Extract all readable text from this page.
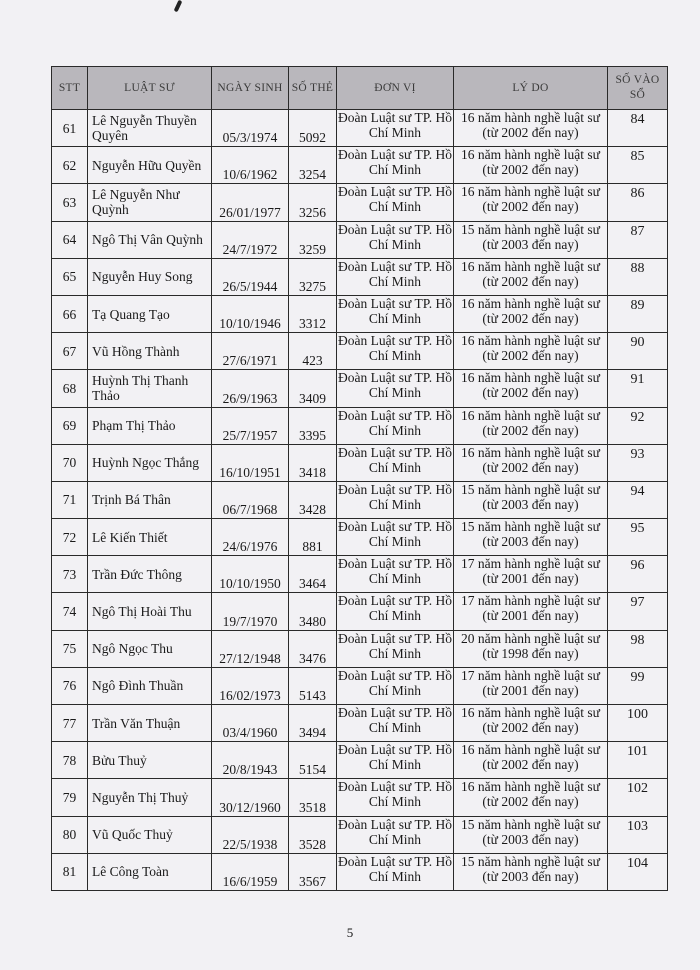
STT	LUẬT SƯ	NGÀY SINH	SỐ THẺ	ĐƠN VỊ	LÝ DO	SỐ VÀO SỔ
61	Lê Nguyễn Thuyền Quyên	05/3/1974	5092	Đoàn Luật sư TP. Hồ Chí Minh	16 năm hành nghề luật sư (từ 2002 đến nay)	84
62	Nguyễn Hữu Quyền	10/6/1962	3254	Đoàn Luật sư TP. Hồ Chí Minh	16 năm hành nghề luật sư (từ 2002 đến nay)	85
63	Lê Nguyễn Như Quỳnh	26/01/1977	3256	Đoàn Luật sư TP. Hồ Chí Minh	16 năm hành nghề luật sư (từ 2002 đến nay)	86
64	Ngô Thị Vân Quỳnh	24/7/1972	3259	Đoàn Luật sư TP. Hồ Chí Minh	15 năm hành nghề luật sư (từ 2003 đến nay)	87
65	Nguyễn Huy Song	26/5/1944	3275	Đoàn Luật sư TP. Hồ Chí Minh	16 năm hành nghề luật sư (từ 2002 đến nay)	88
66	Tạ Quang Tạo	10/10/1946	3312	Đoàn Luật sư TP. Hồ Chí Minh	16 năm hành nghề luật sư (từ 2002 đến nay)	89
67	Vũ Hồng Thành	27/6/1971	423	Đoàn Luật sư TP. Hồ Chí Minh	16 năm hành nghề luật sư (từ 2002 đến nay)	90
68	Huỳnh Thị Thanh Thảo	26/9/1963	3409	Đoàn Luật sư TP. Hồ Chí Minh	16 năm hành nghề luật sư (từ 2002 đến nay)	91
69	Phạm Thị Thảo	25/7/1957	3395	Đoàn Luật sư TP. Hồ Chí Minh	16 năm hành nghề luật sư (từ 2002 đến nay)	92
70	Huỳnh Ngọc Thắng	16/10/1951	3418	Đoàn Luật sư TP. Hồ Chí Minh	16 năm hành nghề luật sư (từ 2002 đến nay)	93
71	Trịnh Bá Thân	06/7/1968	3428	Đoàn Luật sư TP. Hồ Chí Minh	15 năm hành nghề luật sư (từ 2003 đến nay)	94
72	Lê Kiến Thiết	24/6/1976	881	Đoàn Luật sư TP. Hồ Chí Minh	15 năm hành nghề luật sư (từ 2003 đến nay)	95
73	Trần Đức Thông	10/10/1950	3464	Đoàn Luật sư TP. Hồ Chí Minh	17 năm hành nghề luật sư (từ 2001 đến nay)	96
74	Ngô Thị Hoài Thu	19/7/1970	3480	Đoàn Luật sư TP. Hồ Chí Minh	17 năm hành nghề luật sư (từ 2001 đến nay)	97
75	Ngô Ngọc Thu	27/12/1948	3476	Đoàn Luật sư TP. Hồ Chí Minh	20 năm hành nghề luật sư (từ 1998 đến nay)	98
76	Ngô Đình Thuần	16/02/1973	5143	Đoàn Luật sư TP. Hồ Chí Minh	17 năm hành nghề luật sư (từ 2001 đến nay)	99
77	Trần Văn Thuận	03/4/1960	3494	Đoàn Luật sư TP. Hồ Chí Minh	16 năm hành nghề luật sư (từ 2002 đến nay)	100
78	Bửu Thuỷ	20/8/1943	5154	Đoàn Luật sư TP. Hồ Chí Minh	16 năm hành nghề luật sư (từ 2002 đến nay)	101
79	Nguyễn Thị Thuỷ	30/12/1960	3518	Đoàn Luật sư TP. Hồ Chí Minh	16 năm hành nghề luật sư (từ 2002 đến nay)	102
80	Vũ Quốc Thuỷ	22/5/1938	3528	Đoàn Luật sư TP. Hồ Chí Minh	15 năm hành nghề luật sư (từ 2003 đến nay)	103
81	Lê Công Toàn	16/6/1959	3567	Đoàn Luật sư TP. Hồ Chí Minh	15 năm hành nghề luật sư (từ 2003 đến nay)	104
5
